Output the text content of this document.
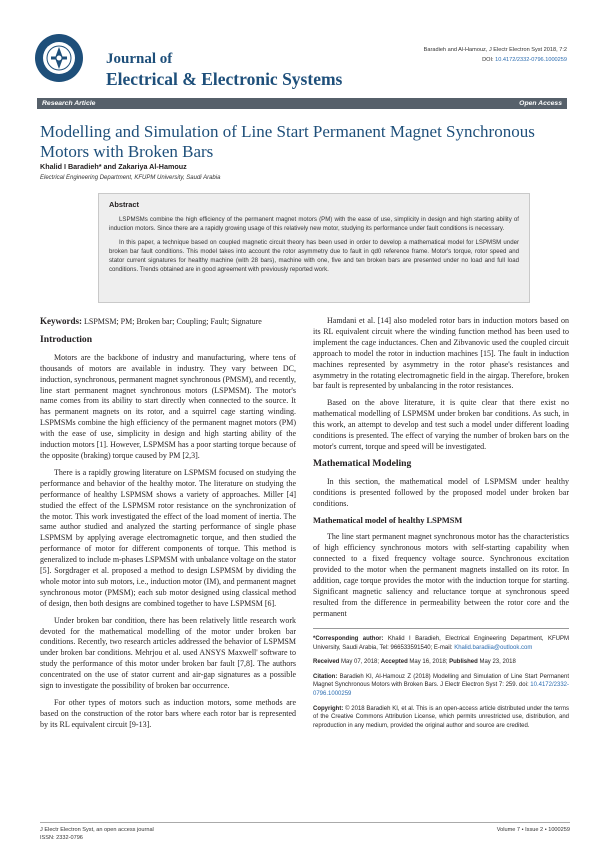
Journal of
Electrical & Electronic Systems
Baradieh and Al-Hamouz, J Electr Electron Syst 2018, 7:2
DOI: 10.4172/2332-0796.1000259
Research Article	Open Access
Modelling and Simulation of Line Start Permanent Magnet Synchronous Motors with Broken Bars
Khalid I Baradieh* and Zakariya Al-Hamouz
Electrical Engineering Department, KFUPM University, Saudi Arabia
Abstract

LSPMSMs combine the high efficiency of the permanent magnet motors (PM) with the ease of use, simplicity in design and high starting ability of induction motors. Since there are a rapidly growing usage of this relatively new motor, studying its performance under fault conditions is necessary.

In this paper, a technique based on coupled magnetic circuit theory has been used in order to develop a mathematical model for LSPMSM under broken bar fault conditions. This model takes into account the rotor asymmetry due to fault in qd0 reference frame. Motor's torque, rotor speed and stator current signatures for healthy machine (with 28 bars), machine with one, five and ten broken bars are presented under no load and full load conditions. Trends obtained are in good agreement with previously reported work.

Keywords: LSPMSM; PM; Broken bar; Coupling; Fault; Signature

Introduction

Motors are the backbone of industry and manufacturing, where tens of thousands of motors are available in industry. They vary between DC, induction, synchronous, permanent magnet synchronous (PMSM), and recently, line start permanent magnet synchronous motors (LSPMSM). The motor's name comes from its ability to start directly when connected to the source. It has permanent magnets on its rotor, and a squirrel cage starting winding. LSPMSMs combine the high efficiency of the permanent magnet motors (PM) with the ease of use, simplicity in design and high starting ability of the induction motors [1]. However, LSPMSM has a poor starting torque because of the opposite (braking) torque caused by PM [2,3].

There is a rapidly growing literature on LSPMSM focused on studying the performance and behavior of the healthy motor. The literature on studying the performance of healthy LSPMSM shows a variety of approaches. Miller [4] studied the effect of the LSPMSM rotor resistance on the synchronization of the motor. This work investigated the effect of the load moment of inertia. The same author studied and analyzed the starting performance of single phase LSPMSM by applying average electromagnetic torque, and then studied the performance of motor for different components of torque. This method is generalized to include m-phases LSPMSM with unbalance voltage on the stator [5]. Sorgdrager et al. proposed a method to design LSPMSM by dividing the whole motor into sub motors, i.e., induction motor (IM), and permanent magnet synchronous motor (PMSM); each sub motor designed using classical method of design, then both designs are combined together to have LSPMSM [6].

Under broken bar condition, there has been relatively little research work devoted for the mathematical modelling of the motor under broken bar conditions. Recently, two research articles addressed the behavior of LSPMSM under broken bar conditions. Mehrjou et al. used ANSYS Maxwell' software to study the performance of this motor under broken bar fault [7,8]. The authors concentrated on the use of stator current and air-gap signatures as a possible sign to investigate the possibility of broken bar occurrence.

For other types of motors such as induction motors, some methods are based on the construction of the rotor bars where each rotor bar is represented by its RL equivalent circuit [9-13].

Hamdani et al. [14] also modeled rotor bars in induction motors based on its RL equivalent circuit where the winding function method has been used to implement the cage inductances. Chen and Zibvanovic used the coupled circuit approach to model the rotor in induction machines [15]. The fault in induction machines represented by asymmetry in the rotor phase's resistances and asymmetry in the rotating electromagnetic field in the airgap. Therefore, broken bar fault is represented by unbalancing in the rotor resistances.

Based on the above literature, it is quite clear that there exist no mathematical modelling of LSPMSM under broken bar conditions. As such, in this work, an attempt to develop and test such a model under different loading conditions is presented. The effect of varying the number of broken bars on the motor's current, torque and speed will be investigated.

Mathematical Modeling

In this section, the mathematical model of LSPMSM under healthy conditions is presented followed by the proposed model under broken bar conditions.

Mathematical model of healthy LSPMSM

The line start permanent magnet synchronous motor has the characteristics of high efficiency synchronous motors with self-starting capability when connected to a fixed frequency voltage source. Synchronous excitation provided to the motor when the permanent magnets installed on its rotor. In addition, cage torque provides the motor with the induction torque for starting. Significant magnetic saliency and reluctance torque at synchronous speed resulted from the difference in permeability between the rotor core and the permanent

*Corresponding author: Khalid I Baradieh, Electrical Engineering Department, KFUPM University, Saudi Arabia, Tel: 966533591540; E-mail: Khalid.baradiia@outlook.com

Received May 07, 2018; Accepted May 16, 2018; Published May 23, 2018

Citation: Baradieh KI, Al-Hamouz Z (2018) Modelling and Simulation of Line Start Permanent Magnet Synchronous Motors with Broken Bars. J Electr Electron Syst 7: 259. doi: 10.4172/2332-0796.1000259

Copyright: © 2018 Baradieh KI, et al. This is an open-access article distributed under the terms of the Creative Commons Attribution License, which permits unrestricted use, distribution, and reproduction in any medium, provided the original author and source are credited.

J Electr Electron Syst, an open access journal
ISSN: 2332-0796
Volume 7 • Issue 2 • 1000259
